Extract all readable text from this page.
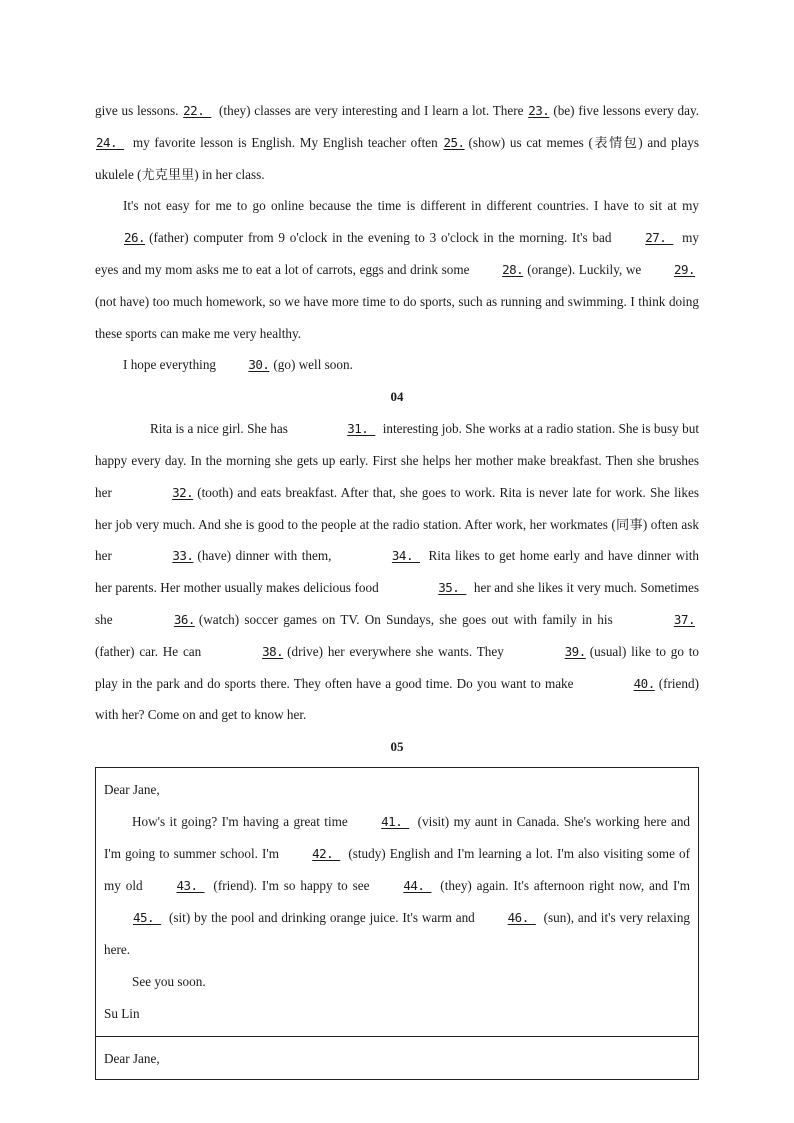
give us lessons. 22.  (they) classes are very interesting and I learn a lot. There 23. (be) five lessons every day. 24.  my favorite lesson is English. My English teacher often 25. (show) us cat memes (表情包) and plays ukulele (尤克里里) in her class.

It's not easy for me to go online because the time is different in different countries. I have to sit at my 26. (father) computer from 9 o'clock in the evening to 3 o'clock in the morning. It's bad	27.  my eyes and my mom asks me to eat a lot of carrots, eggs and drink some	28. (orange). Luckily, we	29.(not have) too much homework, so we have more time to do sports, such as running and swimming. I think doing these sports can make me very healthy.

I hope everything	30. (go) well soon.

04

Rita is a nice girl. She has	31.  interesting job. She works at a radio station. She is busy but happy every day. In the morning she gets up early. First she helps her mother make breakfast. Then she brushes her	32. (tooth) and eats breakfast. After that, she goes to work. Rita is never late for work. She likes her job very much. And she is good to the people at the radio station. After work, her workmates (同事) often ask her	33. (have) dinner with them,	34.  Rita likes to get home early and have dinner with her parents. Her mother usually makes delicious food	35.  her and she likes it very much. Sometimes she	36. (watch) soccer games on TV. On Sundays, she goes out with family in his	37.(father) car. He can	38. (drive) her everywhere she wants. They	39. (usual) like to go to play in the park and do sports there. They often have a good time. Do you want to make	40. (friend) with her? Come on and get to know her.

05

Dear Jane,

How's it going? I'm having a great time	41.  (visit) my aunt in Canada. She's working here and I'm going to summer school. I'm	42.  (study) English and I'm learning a lot. I'm also visiting some of my old	43.  (friend). I'm so happy to see	44.  (they) again. It's afternoon right now, and I'm 45.  (sit) by the pool and drinking orange juice. It's warm and	46.  (sun), and it's very relaxing here.

See you soon.

Su Lin

Dear Jane,
